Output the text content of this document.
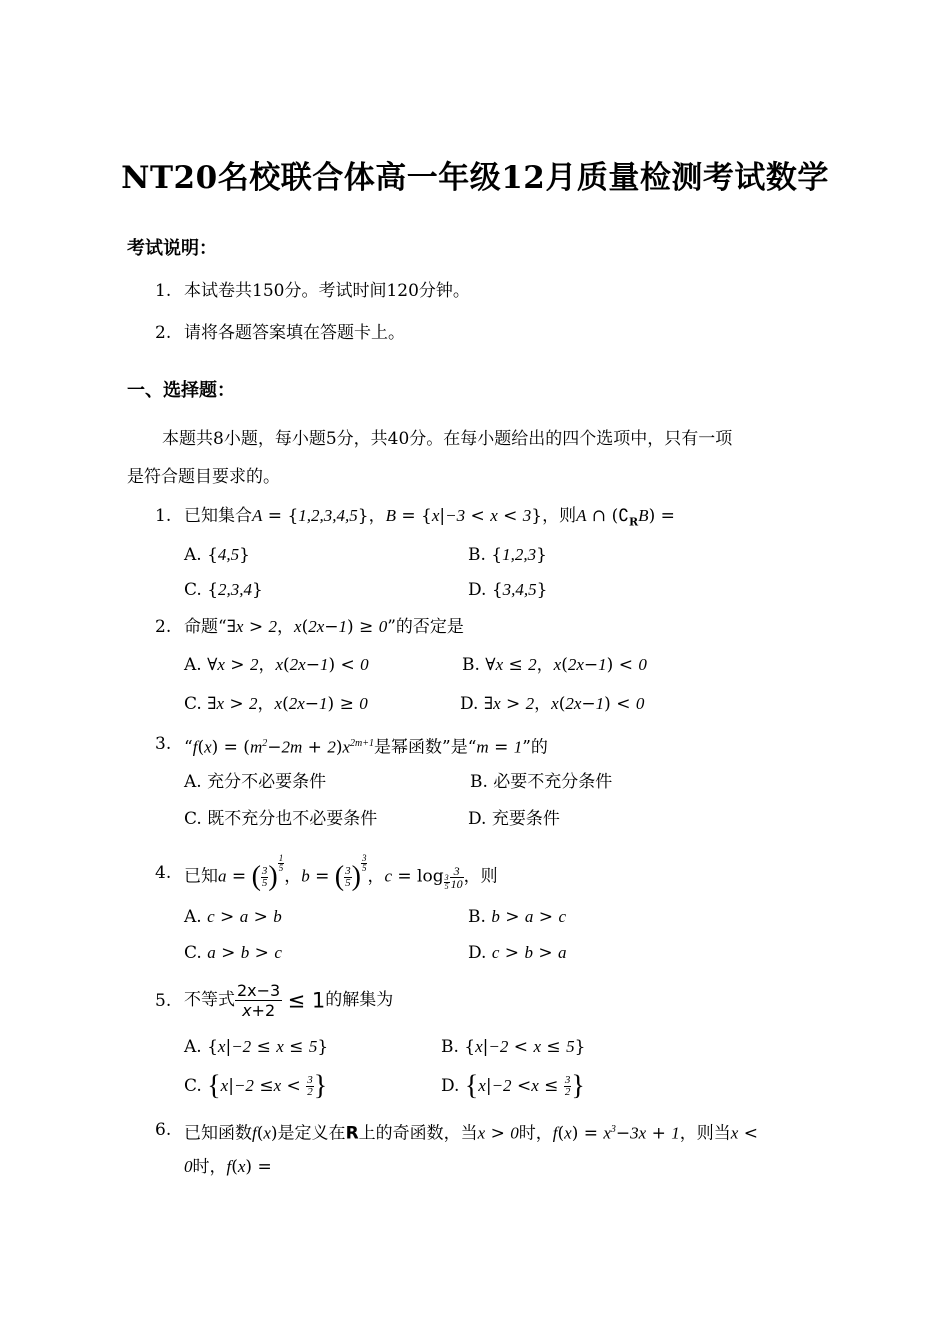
NT20名校联合体高一年级12月质量检测考试数学
考试说明：
1. 本试卷共150分。考试时间120分钟。
2. 请将各题答案填在答题卡上。
一、选择题：
本题共8小题，每小题5分，共40分。在每小题给出的四个选项中，只有一项
是符合题目要求的。
1. 已知集合A = {1,2,3,4,5}，B = {x|−3 < x < 3}，则A ∩ $(∁_RB)$ =
A. {4,5}	B. {1,2,3}
C. {2,3,4}	D. {3,4,5}
2. 命题“∃x > 2，x(2x−1) ≥ 0”的否定是
A. ∀x > 2，x(2x−1) < 0	B. ∀x ≤ 2，x(2x−1) < 0
C. ∃x > 2，x(2x−1) ≥ 0	D. ∃x > 2，x(2x−1) < 0
3. “$f(x) = (m^2-2m + 2)x^{2m+1}$是幂函数”是“m = 1”的
A. 充分不必要条件	B. 必要不充分条件
C. 既不充分也不必要条件	D. 充要条件
4. 已知a = ( $\frac{3}{5}$ ) $^{\frac{1}{5}}$
，b = ( $\frac{3}{5}$ ) $^{\frac{3}{5}}$
，$c = \log _{\frac{3}{5}} \frac{3}{10}$ ，则
A. c > a > b	B. b > a > c
C. a > b > c	D. c > b > a
5. 不等式 $\frac{2x-3}{x+2} \le 1$的解集为
A. {x|−2 ≤ x ≤ 5}	B. {x|−2 < x ≤ 5}
C. {$x|-2 \le x < \frac{3}{2}$ }	D. {$x|-2 <x \le \frac{3}{2}$ }
6. 已知函数f(x)是定义在R上的奇函数，当x > 0时，$f(x) = x^3-3x + 1$，则当x <
0时，f(x) =
